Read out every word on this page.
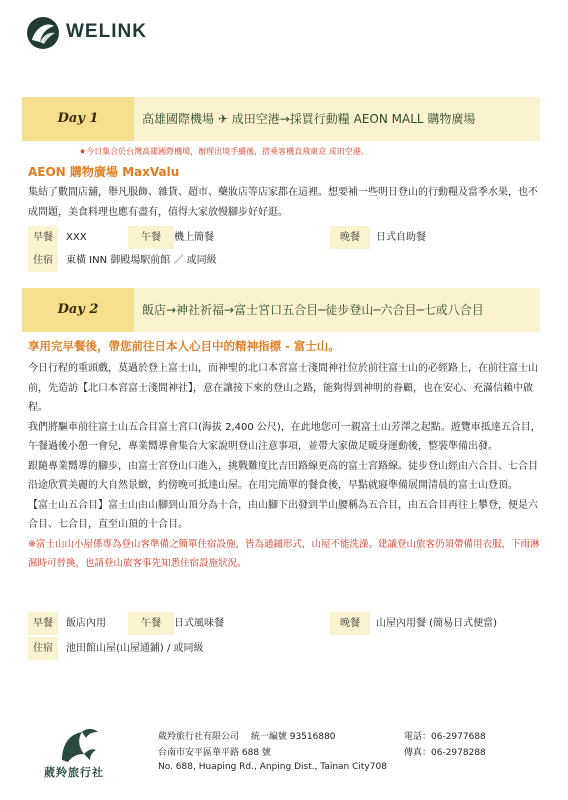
WELINK
Day 1	高雄國際機場 ✈ 成田空港→採買行動糧 AEON MALL 購物廣場
★今日集合於台灣高雄國際機場，辦理出境手續後，搭乘客機直飛東京 成田空港。
AEON 購物廣場 MaxValu

集結了數間店舖，舉凡服飾、雜貨、超市、藥妝店等店家都在這裡。想要補一些明日登山的行動糧及當季水果，也不成問題，美食料理也應有盡有，值得大家放慢腳步好好逛。

早餐	XXX	午餐	機上簡餐	晚餐	日式自助餐
住宿	東橫 INN 御殿場駅前館 ／ 或同級
Day 2	飯店→神社祈福→富士宮口五合目─徒步登山─六合目─七或八合目
享用完早餐後，帶您前往日本人心目中的精神指標 - 富士山。

今日行程的重頭戲，莫過於登上富士山，而神聖的北口本宮富士淺間神社位於前往富士山的必經路上，在前往富士山前，先造訪【北口本宮富士淺間神社】，意在讓接下來的登山之路，能夠得到神明的眷顧，也在安心、充滿信賴中啟程。

我們將驅車前往富士山五合目富士宮口(海拔 2,400 公尺)，在此地您可一親富士山芳澤之起點。遊覽車抵達五合目，午餐過後小憩一會兒，專業嚮導會集合大家說明登山注意事項，並帶大家做足暖身運動後，整裝準備出發。

跟隨專業嚮導的腳步，由富士宮登山口進入，挑戰難度比吉田路線更高的富士宮路線。徒步登山經由六合目、七合目沿途欣賞美麗的大自然景緻，約傍晚可抵達山屋。在用完簡單的餐食後，早點就寢準備展開清晨的富士山登頂。

【富士山五合目】富士山由山腳到山頂分為十合，由山腳下出發到半山腰稱為五合目，由五合目再往上攀登，便是六合目、七合目，直至山頂的十合目。

※富士山山小屋係專為登山客準備之簡單住宿設施，皆為通鋪形式，山屋不能洗澡。建議登山旅客仍須帶備用衣服，下雨淋濕時可替換，也請登山旅客事先知悉住宿設施狀況。

早餐	飯店內用	午餐	日式風味餐	晚餐	山屋內用餐 (簡易日式便當)
住宿	池田館山屋(山屋通鋪) / 或同級
葳羚旅行社
葳羚旅行社有限公司　 統一編號 93516880
台南市安平區華平路 688 號
No. 688, Huaping Rd., Anping Dist., Tainan City708
電話：06-2977688
傳真：06-2978288
